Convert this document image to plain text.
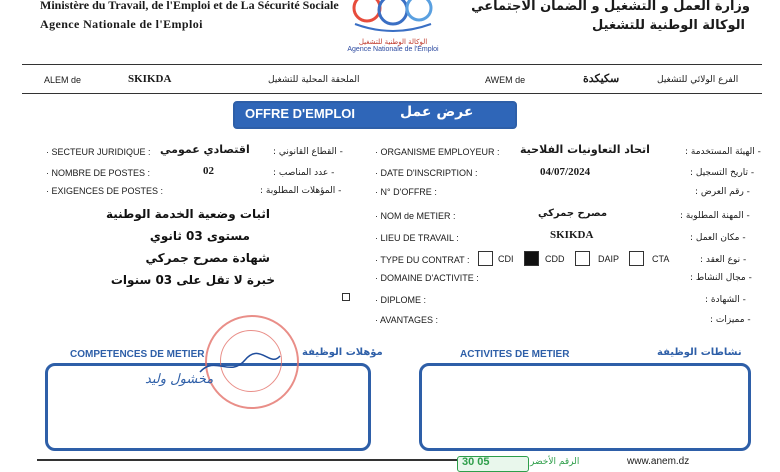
Ministère du Travail, de l'Emploi et de La Sécurité Sociale
Agence Nationale de l'Emploi
وزارة العمل و التشغيل و الضمان الاجتماعي
الوكالة الوطنية للتشغيل
الوكالة الوطنية للتشغيل
Agence Nationale de l'Emploi
ALEM de	SKIKDA	الملحقة المحلية للتشغيل	AWEM de	سكيكدة	الفرع الولائي للتشغيل
OFFRE D'EMPLOI	عرض عمل
· SECTEUR JURIDIQUE : اقتصادي عمومي	- القطاع القانوني :
· NOMBRE DE POSTES :	02	- عدد المناصب :
· EXIGENCES DE POSTES :	- المؤهلات المطلوبة :
اثبات وضعية الخدمة الوطنية
مستوى 03 ثانوي
شهادة مصرح جمركي
خبرة لا تقل على 03 سنوات
· ORGANISME EMPLOYEUR : اتحاد التعاونيات الفلاحية	- الهيئة المستخدمة :
· DATE D'INSCRIPTION :	04/07/2024	- تاريخ التسجيل :
· N° D'OFFRE :	- رقم العرض :
· NOM de METIER :	مصرح جمركي	- المهنة المطلوبة :
· LIEU DE TRAVAIL :	SKIKDA	- مكان العمل :
· TYPE DU CONTRAT :	CDI	CDD	DAIP	CTA	- نوع العقد :
· DOMAINE D'ACTIVITE :	- مجال النشاط :
· DIPLOME :	- الشهادة :
· AVANTAGES :	- مميزات :
COMPETENCES DE METIER	مؤهلات الوظيفة	ACTIVITES DE METIER	نشاطات الوظيفة
مخشول وليد
30 05	الرقم الأخضر	www.anem.dz
